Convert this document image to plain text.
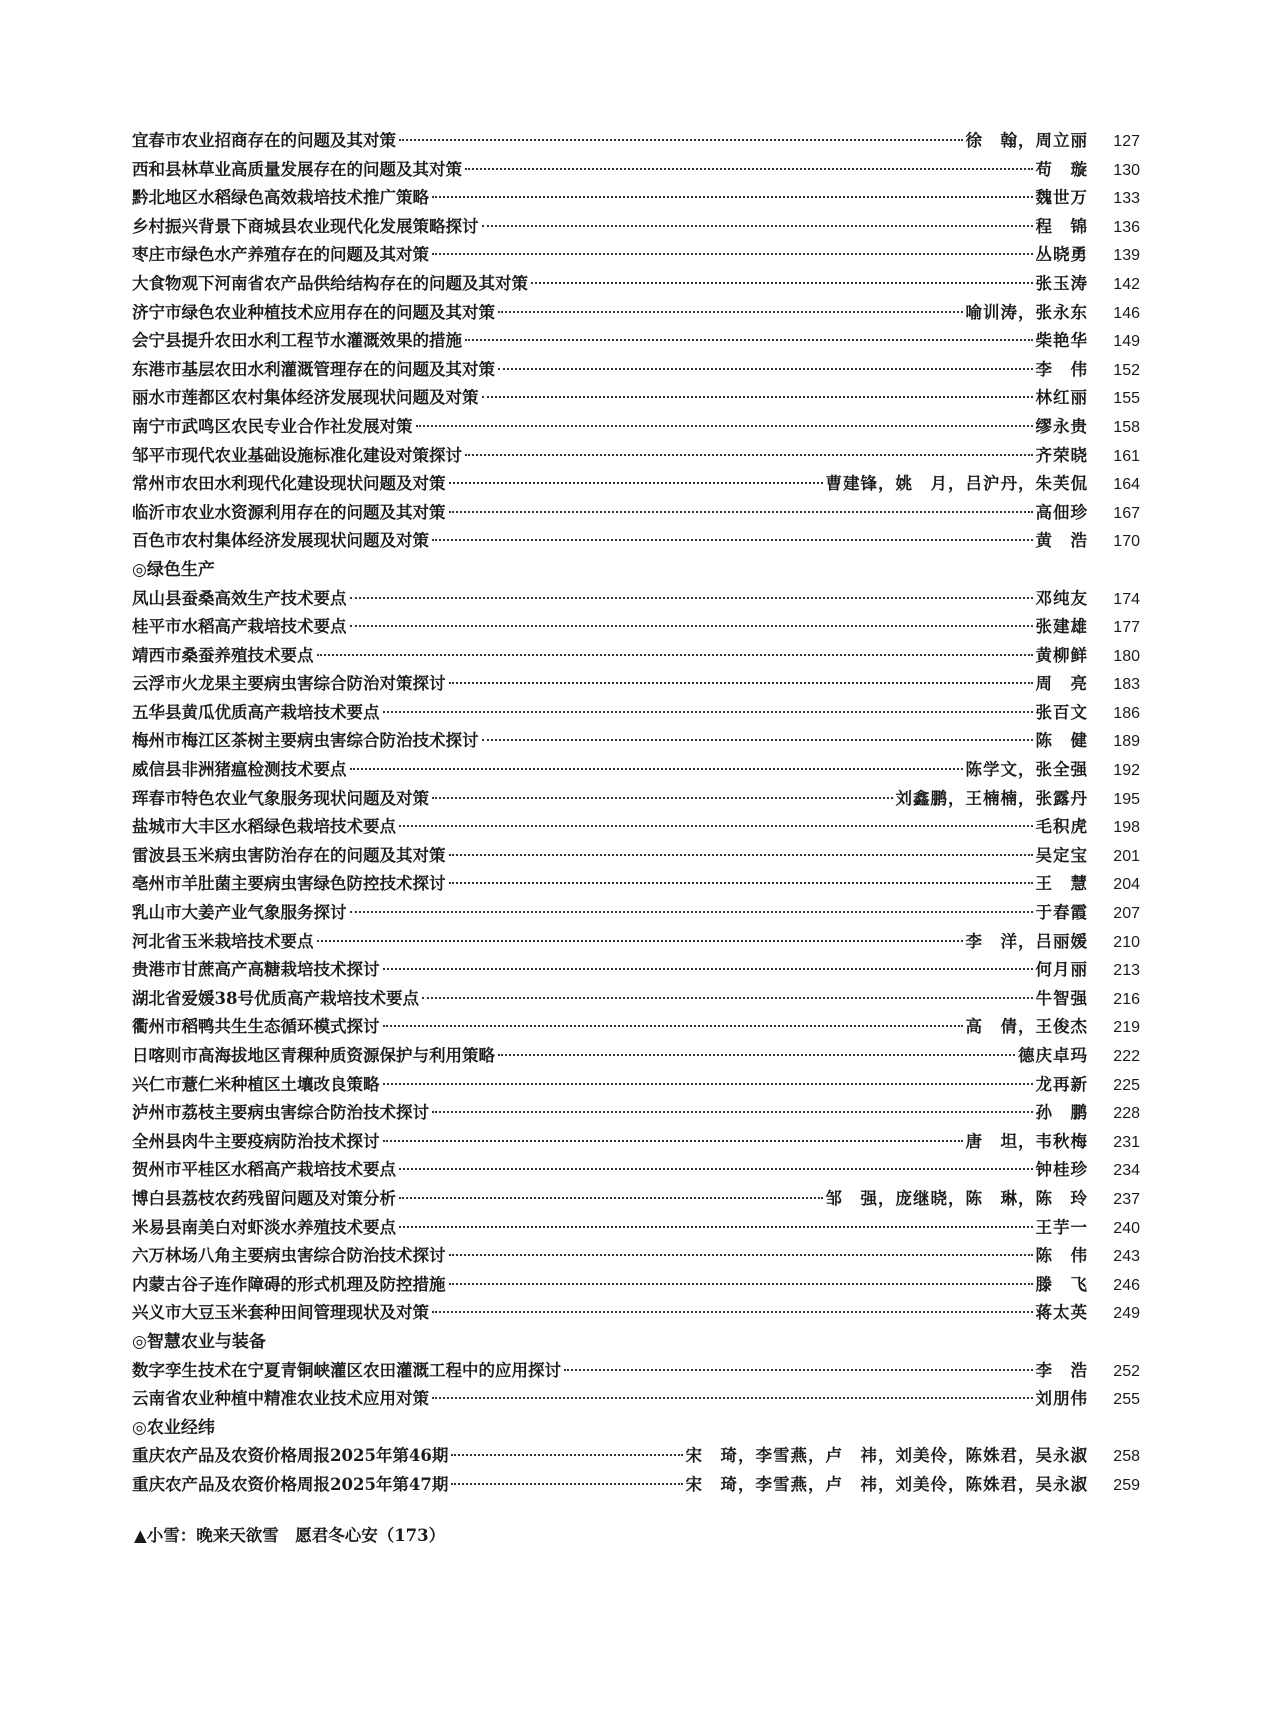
宜春市农业招商存在的问题及其对策	徐　翰，周立丽	127
西和县林草业高质量发展存在的问题及其对策	苟　璇	130
黔北地区水稻绿色高效栽培技术推广策略	魏世万	133
乡村振兴背景下商城县农业现代化发展策略探讨	程　锦	136
枣庄市绿色水产养殖存在的问题及其对策	丛晓勇	139
大食物观下河南省农产品供给结构存在的问题及其对策	张玉涛	142
济宁市绿色农业种植技术应用存在的问题及其对策	喻训涛，张永东	146
会宁县提升农田水利工程节水灌溉效果的措施	柴艳华	149
东港市基层农田水利灌溉管理存在的问题及其对策	李　伟	152
丽水市莲都区农村集体经济发展现状问题及对策	林红丽	155
南宁市武鸣区农民专业合作社发展对策	缪永贵	158
邹平市现代农业基础设施标准化建设对策探讨	齐荣晓	161
常州市农田水利现代化建设现状问题及对策	曹建锋，姚　月，吕沪丹，朱芙侃	164
临沂市农业水资源利用存在的问题及其对策	高佃珍	167
百色市农村集体经济发展现状问题及对策	黄　浩	170
◎绿色生产
凤山县蚕桑高效生产技术要点	邓纯友	174
桂平市水稻高产栽培技术要点	张建雄	177
靖西市桑蚕养殖技术要点	黄柳鲜	180
云浮市火龙果主要病虫害综合防治对策探讨	周　亮	183
五华县黄瓜优质高产栽培技术要点	张百文	186
梅州市梅江区茶树主要病虫害综合防治技术探讨	陈　健	189
威信县非洲猪瘟检测技术要点	陈学文，张全强	192
珲春市特色农业气象服务现状问题及对策	刘鑫鹏，王楠楠，张露丹	195
盐城市大丰区水稻绿色栽培技术要点	毛积虎	198
雷波县玉米病虫害防治存在的问题及其对策	吴定宝	201
亳州市羊肚菌主要病虫害绿色防控技术探讨	王　慧	204
乳山市大姜产业气象服务探讨	于春霞	207
河北省玉米栽培技术要点	李　洋，吕丽媛	210
贵港市甘蔗高产高糖栽培技术探讨	何月丽	213
湖北省爱媛38号优质高产栽培技术要点	牛智强	216
衢州市稻鸭共生生态循环模式探讨	高　倩，王俊杰	219
日喀则市高海拔地区青稞种质资源保护与利用策略	德庆卓玛	222
兴仁市薏仁米种植区土壤改良策略	龙再新	225
泸州市荔枝主要病虫害综合防治技术探讨	孙　鹏	228
全州县肉牛主要疫病防治技术探讨	唐　坦，韦秋梅	231
贺州市平桂区水稻高产栽培技术要点	钟桂珍	234
博白县荔枝农药残留问题及对策分析	邹　强，庞继晓，陈　琳，陈　玲	237
米易县南美白对虾淡水养殖技术要点	王芋一	240
六万林场八角主要病虫害综合防治技术探讨	陈　伟	243
内蒙古谷子连作障碍的形式机理及防控措施	滕　飞	246
兴义市大豆玉米套种田间管理现状及对策	蒋太英	249
◎智慧农业与装备
数字孪生技术在宁夏青铜峡灌区农田灌溉工程中的应用探讨	李　浩	252
云南省农业种植中精准农业技术应用对策	刘朋伟	255
◎农业经纬
重庆农产品及农资价格周报2025年第46期	宋　琦，李雪燕，卢　祎，刘美伶，陈姝君，吴永淑	258
重庆农产品及农资价格周报2025年第47期	宋　琦，李雪燕，卢　祎，刘美伶，陈姝君，吴永淑	259
▲小雪：晚来天欲雪　愿君冬心安（173）
